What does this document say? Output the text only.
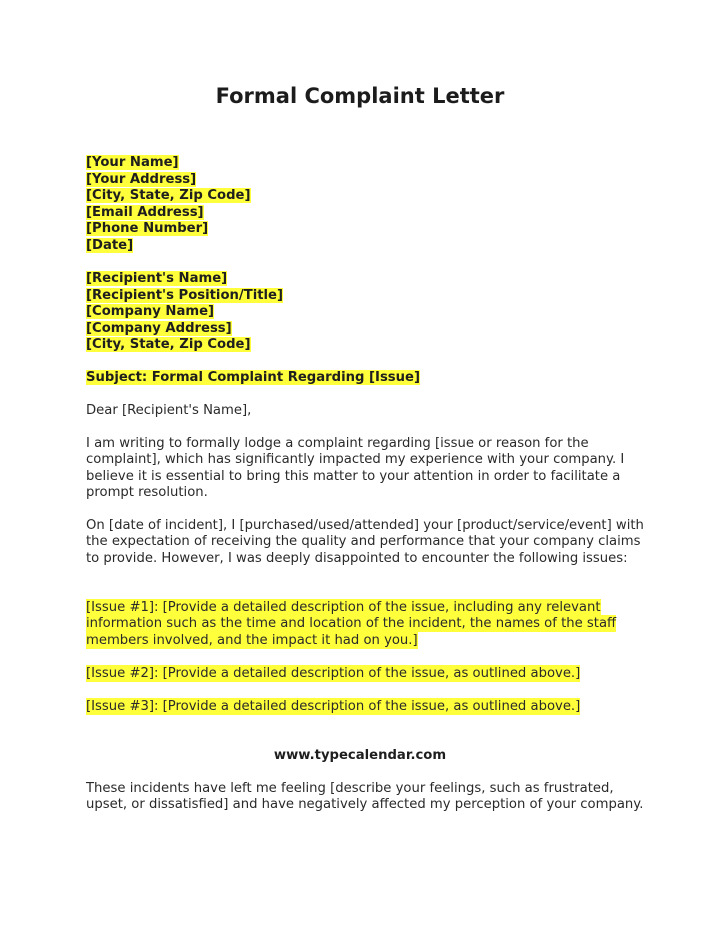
Formal Complaint Letter
[Your Name]
[Your Address]
[City, State, Zip Code]
[Email Address]
[Phone Number]
[Date]
[Recipient's Name]
[Recipient's Position/Title]
[Company Name]
[Company Address]
[City, State, Zip Code]
Subject: Formal Complaint Regarding [Issue]

Dear [Recipient's Name],

I am writing to formally lodge a complaint regarding [issue or reason for the complaint], which has significantly impacted my experience with your company. I believe it is essential to bring this matter to your attention in order to facilitate a prompt resolution.

On [date of incident], I [purchased/used/attended] your [product/service/event] with the expectation of receiving the quality and performance that your company claims to provide. However, I was deeply disappointed to encounter the following issues:

[Issue #1]: [Provide a detailed description of the issue, including any relevant information such as the time and location of the incident, the names of the staff members involved, and the impact it had on you.]

[Issue #2]: [Provide a detailed description of the issue, as outlined above.]

[Issue #3]: [Provide a detailed description of the issue, as outlined above.]

www.typecalendar.com

These incidents have left me feeling [describe your feelings, such as frustrated, upset, or dissatisfied] and have negatively affected my perception of your company.
